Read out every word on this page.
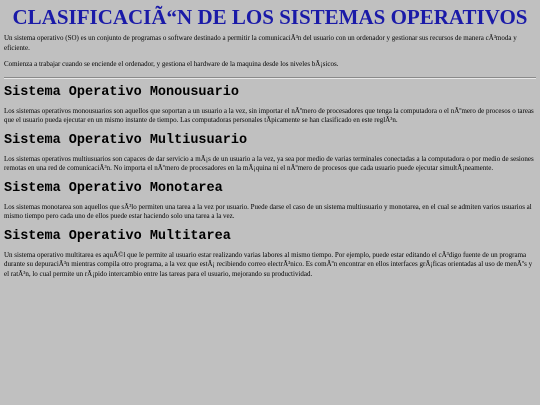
CLASIFICACIÃ“N DE LOS SISTEMAS OPERATIVOS

Un sistema operativo (SO) es un conjunto de programas o software destinado a permitir la comunicaciÃ³n del usuario con un ordenador y gestionar sus recursos de manera cÃ³moda y eficiente.

Comienza a trabajar cuando se enciende el ordenador, y gestiona el hardware de la maquina desde los niveles bÃ¡sicos.

Sistema Operativo Monousuario

Los sistemas operativos monousuarios son aquellos que soportan a un usuario a la vez, sin importar el nÃºmero de procesadores que tenga la computadora o el nÃºmero de procesos o tareas que el usuario pueda ejecutar en un mismo instante de tiempo. Las computadoras personales tÃpicamente se han clasificado en este reglÃ³n.

Sistema Operativo Multiusuario

Los sistemas operativos multiusuarios son capaces de dar servicio a mÃ¡s de un usuario a la vez, ya sea por medio de varias terminales conectadas a la computadora o por medio de sesiones remotas en una red de comunicaciÃ³n. No importa el nÃºmero de procesadores en la mÃ¡quina ni el nÃºmero de procesos que cada usuario puede ejecutar simultÃ¡neamente.

Sistema Operativo Monotarea

Los sistemas monotarea son aquellos que sÃ³lo permiten una tarea a la vez por usuario. Puede darse el caso de un sistema multiusuario y monotarea, en el cual se admiten varios usuarios al mismo tiempo pero cada uno de ellos puede estar haciendo solo una tarea a la vez.

Sistema Operativo Multitarea

Un sistema operativo multitarea es aquÃ©l que le permite al usuario estar realizando varias labores al mismo tiempo. Por ejemplo, puede estar editando el cÃ³digo fuente de un programa durante su depuraciÃ³n mientras compila otro programa, a la vez que estÃ¡ recibiendo correo electrÃ³nico. Es comÃºn encontrar en ellos interfaces grÃ¡ficas orientadas al uso de menÃºs y el ratÃ³n, lo cual permite un rÃ¡pido intercambio entre las tareas para el usuario, mejorando su productividad.
